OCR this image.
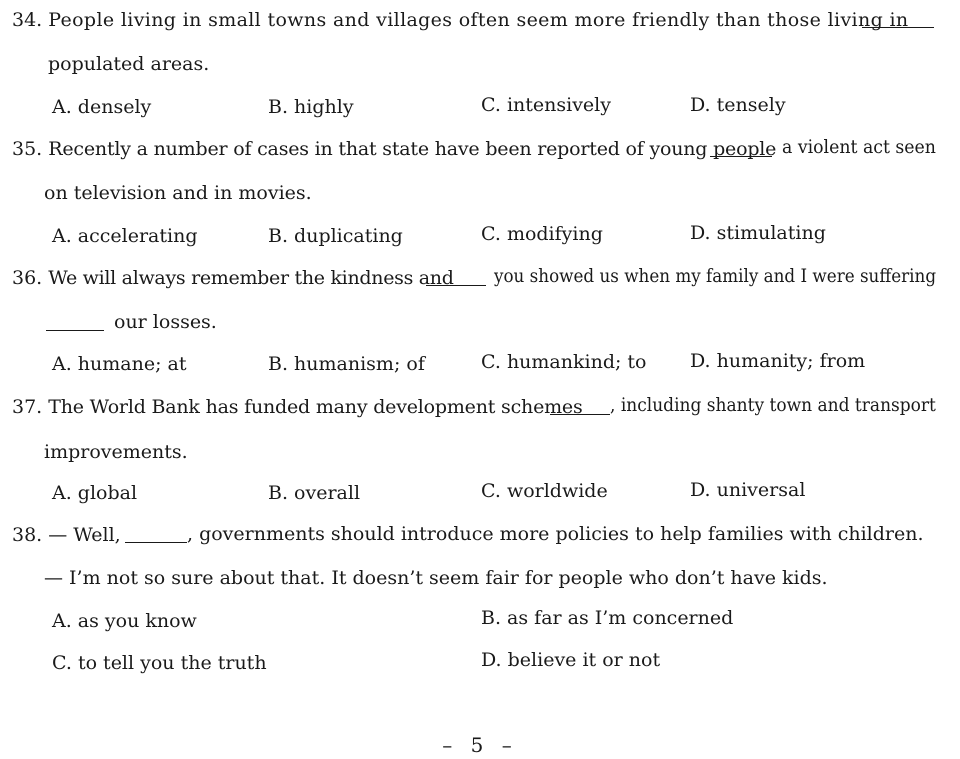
34. People living in small towns and villages often seem more friendly than those living in
populated areas.
A. densely	B. highly	C. intensively	D. tensely
35. Recently a number of cases in that state have been reported of young people a violent act seen
on television and in movies.
A. accelerating	B. duplicating	C. modifying	D. stimulating
36. We will always remember the kindness and you showed us when my family and I were suffering
our losses.
A. humane; at	B. humanism; of	C. humankind; to D. humanity; from
37. The World Bank has funded many development schemes , including shanty town and transport
improvements.
A. global	B. overall	C. worldwide	D. universal
38. — Well,	, governments should introduce more policies to help families with children.
— I’m not so sure about that. It doesn’t seem fair for people who don’t have kids.
A. as you know	B. as far as I’m concerned
C. to tell you the truth	D. believe it or not
– 5 –
